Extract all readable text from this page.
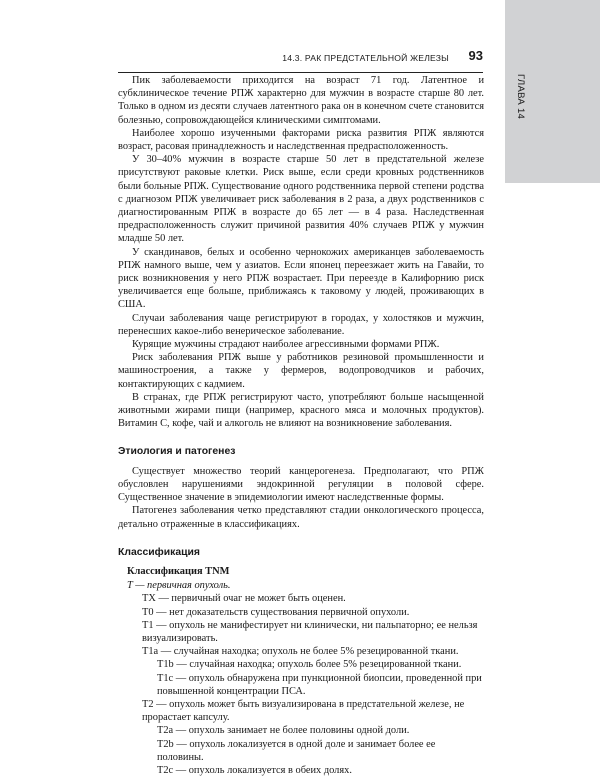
ГЛАВА 14
14.3. РАК ПРЕДСТАТЕЛЬНОЙ ЖЕЛЕЗЫ 93

Пик заболеваемости приходится на возраст 71 год. Латентное и субклиническое течение РПЖ характерно для мужчин в возрасте старше 80 лет. Только в одном из десяти случаев латентного рака он в конечном счете становится болезнью, сопровождающейся клиническими симптомами.

Наиболее хорошо изученными факторами риска развития РПЖ являются возраст, расовая принадлежность и наследственная предрасположенность.

У 30–40% мужчин в возрасте старше 50 лет в предстательной железе присутствуют раковые клетки. Риск выше, если среди кровных родственников были больные РПЖ. Существование одного родственника первой степени родства с диагнозом РПЖ увеличивает риск заболевания в 2 раза, а двух родственников с диагностированным РПЖ в возрасте до 65 лет — в 4 раза. Наследственная предрасположенность служит причиной развития 40% случаев РПЖ у мужчин младше 50 лет.

У скандинавов, белых и особенно чернокожих американцев заболеваемость РПЖ намного выше, чем у азиатов. Если японец переезжает жить на Гавайи, то риск возникновения у него РПЖ возрастает. При переезде в Калифорнию риск увеличивается еще больше, приближаясь к таковому у людей, проживающих в США.

Случаи заболевания чаще регистрируют в городах, у холостяков и мужчин, перенесших какое-либо венерическое заболевание.

Курящие мужчины страдают наиболее агрессивными формами РПЖ.

Риск заболевания РПЖ выше у работников резиновой промышленности и машиностроения, а также у фермеров, водопроводчиков и рабочих, контактирующих с кадмием.

В странах, где РПЖ регистрируют часто, употребляют больше насыщенной животными жирами пищи (например, красного мяса и молочных продуктов). Витамин С, кофе, чай и алкоголь не влияют на возникновение заболевания.

Этиология и патогенез

Существует множество теорий канцерогенеза. Предполагают, что РПЖ обусловлен нарушениями эндокринной регуляции в половой сфере. Существенное значение в эпидемиологии имеют наследственные формы.

Патогенез заболевания четко представляют стадии онкологического процесса, детально отраженные в классификациях.

Классификация
Классификация TNM
T — первичная опухоль.
TX — первичный очаг не может быть оценен.
T0 — нет доказательств существования первичной опухоли.
T1 — опухоль не манифестирует ни клинически, ни пальпаторно; ее нельзя визуализировать.
T1a — случайная находка; опухоль не более 5% резецированной ткани.
T1b — случайная находка; опухоль более 5% резецированной ткани.
T1c — опухоль обнаружена при пункционной биопсии, проведенной при повышенной концентрации ПСА.
T2 — опухоль может быть визуализирована в предстательной железе, не прорастает капсулу.
T2a — опухоль занимает не более половины одной доли.
T2b — опухоль локализуется в одной доле и занимает более ее половины.
T2c — опухоль локализуется в обеих долях.
